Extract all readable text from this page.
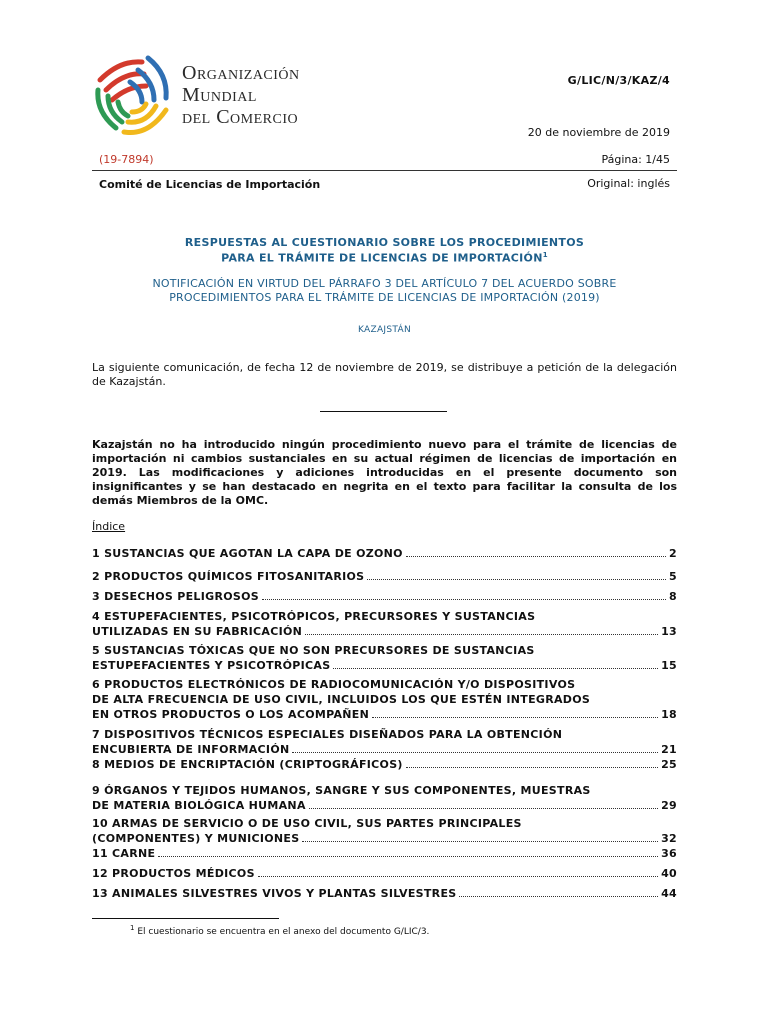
Organización
Mundial
del Comercio
G/LIC/N/3/KAZ/4
20 de noviembre de 2019
(19-7894)	Página: 1/45
Comité de Licencias de Importación	Original: inglés
RESPUESTAS AL CUESTIONARIO SOBRE LOS PROCEDIMIENTOS
PARA EL TRÁMITE DE LICENCIAS DE IMPORTACIÓN$^1$
NOTIFICACIÓN EN VIRTUD DEL PÁRRAFO 3 DEL ARTÍCULO 7 DEL ACUERDO SOBRE
PROCEDIMIENTOS PARA EL TRÁMITE DE LICENCIAS DE IMPORTACIÓN (2019)
KAZAJSTÁN
La siguiente comunicación, de fecha 12 de noviembre de 2019, se distribuye a petición de la delegación de Kazajstán.
Kazajstán no ha introducido ningún procedimiento nuevo para el trámite de licencias de importación ni cambios sustanciales en su actual régimen de licencias de importación en 2019. Las modificaciones y adiciones introducidas en el presente documento son insignificantes y se han destacado en negrita en el texto para facilitar la consulta de los demás Miembros de la OMC.
Índice
1 SUSTANCIAS QUE AGOTAN LA CAPA DE OZONO	2
2 PRODUCTOS QUÍMICOS FITOSANITARIOS	5
3 DESECHOS PELIGROSOS	8
4 ESTUPEFACIENTES, PSICOTRÓPICOS, PRECURSORES Y SUSTANCIAS
UTILIZADAS EN SU FABRICACIÓN	13
5 SUSTANCIAS TÓXICAS QUE NO SON PRECURSORES DE SUSTANCIAS
ESTUPEFACIENTES Y PSICOTRÓPICAS	15
6 PRODUCTOS ELECTRÓNICOS DE RADIOCOMUNICACIÓN Y/O DISPOSITIVOS
DE ALTA FRECUENCIA DE USO CIVIL, INCLUIDOS LOS QUE ESTÉN INTEGRADOS
EN OTROS PRODUCTOS O LOS ACOMPAÑEN	18
7 DISPOSITIVOS TÉCNICOS ESPECIALES DISEÑADOS PARA LA OBTENCIÓN
ENCUBIERTA DE INFORMACIÓN	21
8 MEDIOS DE ENCRIPTACIÓN (CRIPTOGRÁFICOS)	25
9 ÓRGANOS Y TEJIDOS HUMANOS, SANGRE Y SUS COMPONENTES, MUESTRAS
DE MATERIA BIOLÓGICA HUMANA	29
10 ARMAS DE SERVICIO O DE USO CIVIL, SUS PARTES PRINCIPALES
(COMPONENTES) Y MUNICIONES	32
11 CARNE	36
12 PRODUCTOS MÉDICOS	40
13 ANIMALES SILVESTRES VIVOS Y PLANTAS SILVESTRES	44
$^1$ El cuestionario se encuentra en el anexo del documento G/LIC/3.
